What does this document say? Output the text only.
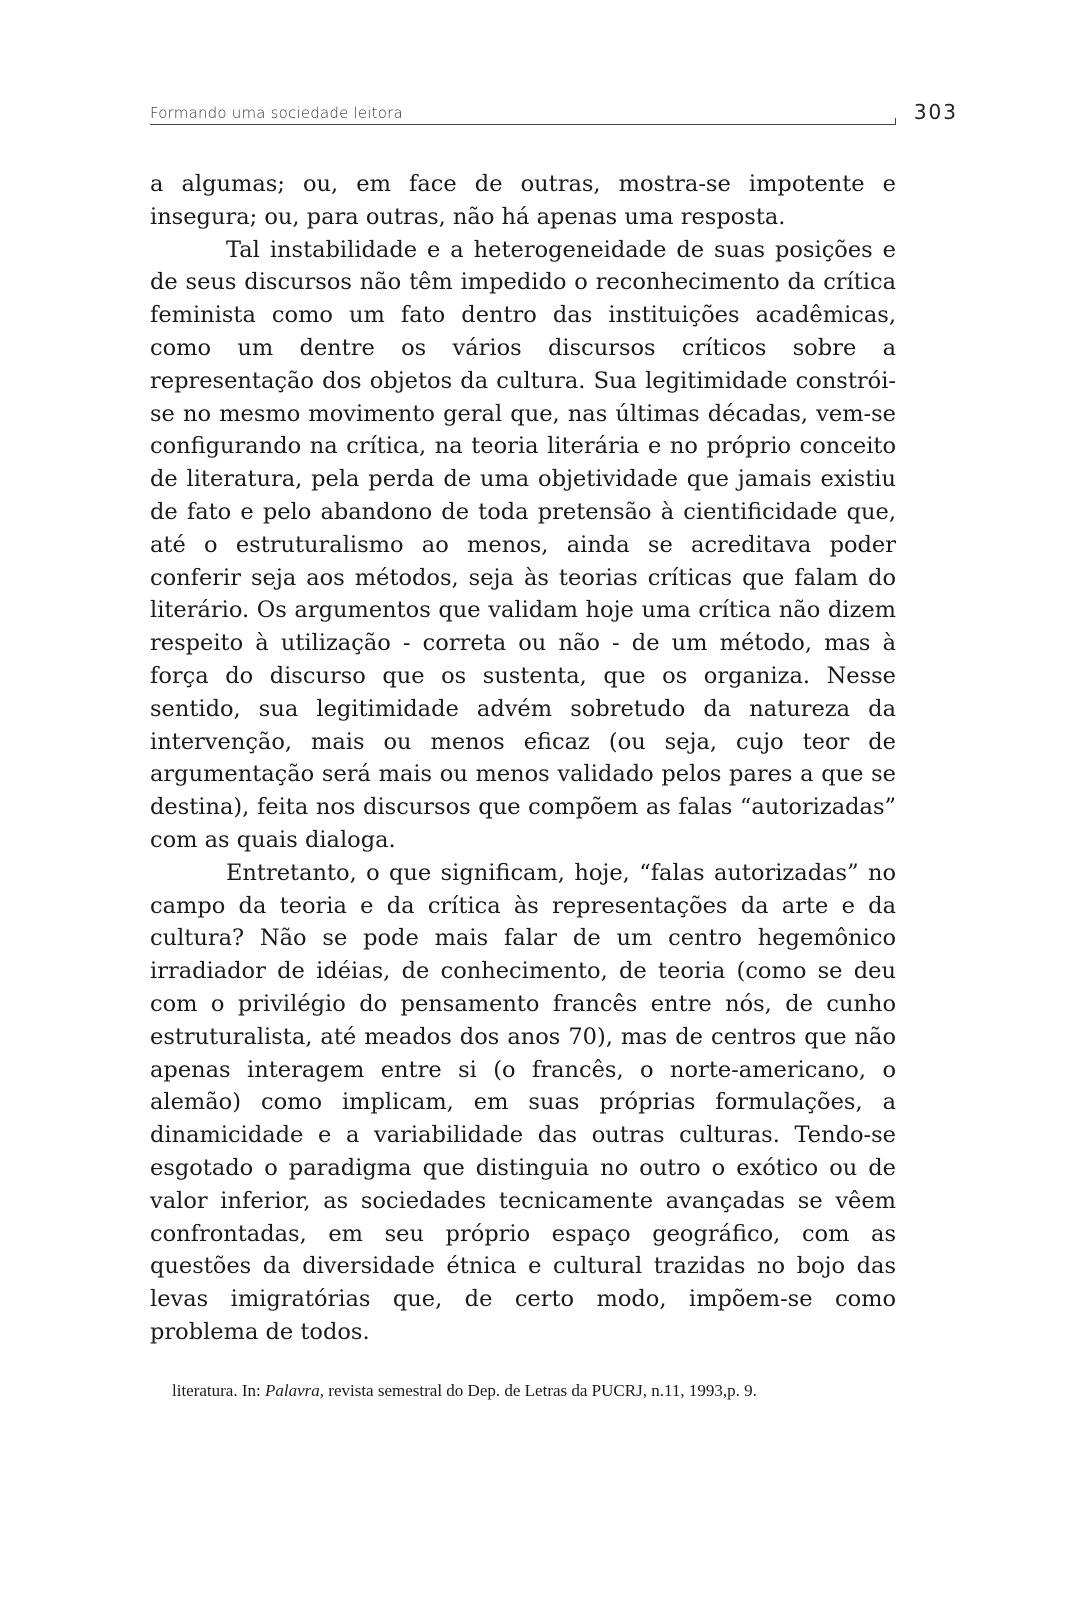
Formando uma sociedade leitora	303

a algumas; ou, em face de outras, mostra-se impotente e insegura; ou, para outras, não há apenas uma resposta.

Tal instabilidade e a heterogeneidade de suas posições e de seus discursos não têm impedido o reconhecimento da crítica feminista como um fato dentro das instituições acadêmicas, como um dentre os vários discursos críticos sobre a representação dos objetos da cultura. Sua legitimidade constrói-se no mesmo movimento geral que, nas últimas décadas, vem-se configurando na crítica, na teoria literária e no próprio conceito de literatura, pela perda de uma objetividade que jamais existiu de fato e pelo abandono de toda pretensão à cientificidade que, até o estruturalismo ao menos, ainda se acreditava poder conferir seja aos métodos, seja às teorias críticas que falam do literário. Os argumentos que validam hoje uma crítica não dizem respeito à utilização - correta ou não - de um método, mas à força do discurso que os sustenta, que os organiza. Nesse sentido, sua legitimidade advém sobretudo da natureza da intervenção, mais ou menos eficaz (ou seja, cujo teor de argumentação será mais ou menos validado pelos pares a que se destina), feita nos discursos que compõem as falas “autorizadas” com as quais dialoga.

Entretanto, o que significam, hoje, “falas autorizadas” no campo da teoria e da crítica às representações da arte e da cultura? Não se pode mais falar de um centro hegemônico irradiador de idéias, de conhecimento, de teoria (como se deu com o privilégio do pensamento francês entre nós, de cunho estruturalista, até meados dos anos 70), mas de centros que não apenas interagem entre si (o francês, o norte-americano, o alemão) como implicam, em suas próprias formulações, a dinamicidade e a variabilidade das outras culturas. Tendo-se esgotado o paradigma que distinguia no outro o exótico ou de valor inferior, as sociedades tecnicamente avançadas se vêem confrontadas, em seu próprio espaço geográfico, com as questões da diversidade étnica e cultural trazidas no bojo das levas imigratórias que, de certo modo, impõem-se como problema de todos.

literatura. In: Palavra, revista semestral do Dep. de Letras da PUCRJ, n.11, 1993,p. 9.
